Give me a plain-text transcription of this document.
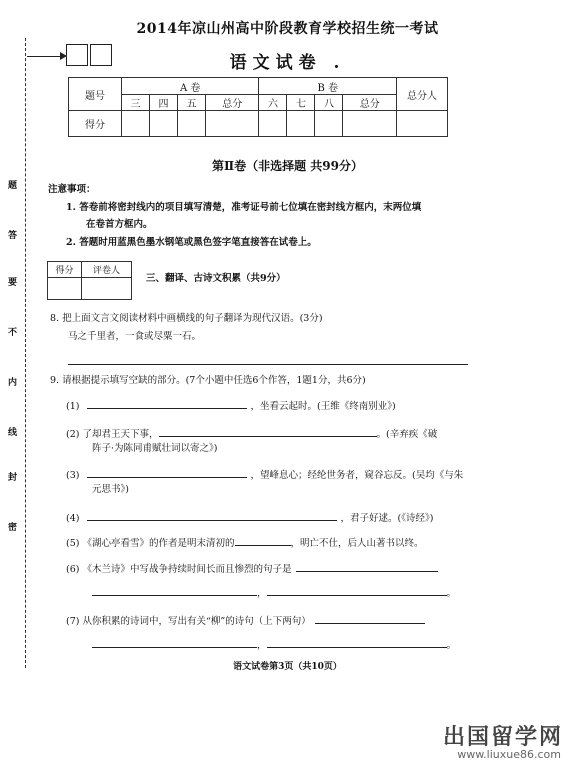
题
答
要
不
内
线
封
密
2014年凉山州高中阶段教育学校招生统一考试
语文试卷 .
题号	A 卷				B 卷				总分人
	三	四	五	总分	六	七	八	总分	
得分									
第Ⅱ卷（非选择题 共99分）
注意事项：
1. 答卷前将密封线内的项目填写清楚，准考证号前七位填在密封线方框内，末两位填
在卷首方框内。
2. 答题时用蓝黑色墨水钢笔或黑色签字笔直接答在试卷上。
得分	评卷人

三、翻译、古诗文积累（共9分）
8. 把上面文言文阅读材料中画横线的句子翻译为现代汉语。(3分)
马之千里者，一食或尽粟一石。
9. 请根据提示填写空缺的部分。(7个小题中任选6个作答，1题1分，共6分)
(1)	，坐看云起时。(王维《终南别业》)
(2) 了却君王天下事，	。(辛弃疾《破
阵子·为陈同甫赋壮词以寄之》)
(3)	，望峰息心；经纶世务者，窥谷忘反。(吴均《与朱
元思书》)
(4)	，君子好逑。(《诗经》)
(5) 《湖心亭看雪》的作者是明末清初的	，明亡不仕，后人山著书以终。
(6) 《木兰诗》中写战争持续时间长而且惨烈的句子是
，	。
(7) 从你积累的诗词中，写出有关“柳”的诗句（上下两句）
，	。
语文试卷第3页（共10页）
出国留学网
www.liuxue86.com
